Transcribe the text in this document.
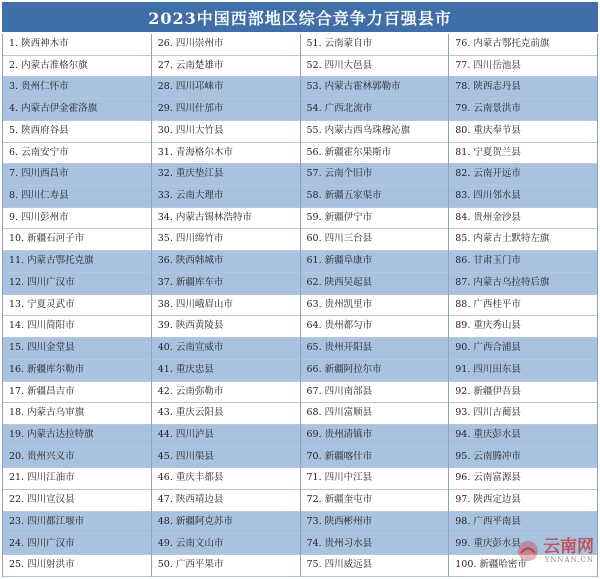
2023中国西部地区综合竞争力百强县市
1. 陕西神木市
2. 内蒙古准格尔旗
3. 贵州仁怀市
4. 内蒙古伊金霍洛旗
5. 陕西府谷县
6. 云南安宁市
7. 四川西昌市
8. 四川仁寿县
9. 四川彭州市
10. 新疆石河子市
11. 内蒙古鄂托克旗
12. 四川广汉市
13. 宁夏灵武市
14. 四川简阳市
15. 四川金堂县
16. 新疆库尔勒市
17. 新疆昌吉市
18. 内蒙古乌审旗
19. 内蒙古达拉特旗
20. 贵州兴义市
21. 四川江油市
22. 四川宣汉县
23. 四川都江堰市
24. 四川广汉市
25. 四川射洪市
26. 四川崇州市
27. 云南楚雄市
28. 四川邛崃市
29. 四川什邡市
30. 四川大竹县
31. 青海格尔木市
32. 重庆垫江县
33. 云南大理市
34. 内蒙古锡林浩特市
35. 四川绵竹市
36. 陕西韩城市
37. 新疆库车市
38. 四川峨眉山市
39. 陕西黄陵县
40. 云南宣威市
41. 重庆忠县
42. 云南弥勒市
43. 重庆云阳县
44. 四川泸县
45. 四川渠县
46. 重庆丰都县
47. 陕西靖边县
48. 新疆阿克苏市
49. 云南文山市
50. 广西平果市
51. 云南蒙自市
52. 四川大邑县
53. 内蒙古霍林郭勒市
54. 广西北流市
55. 内蒙古西乌珠穆沁旗
56. 新疆霍尔果斯市
57. 云南个旧市
58. 新疆五家渠市
59. 新疆伊宁市
60. 四川三台县
61. 新疆阜康市
62. 陕西吴起县
63. 贵州凯里市
64. 贵州都匀市
65. 贵州开阳县
66. 新疆阿拉尔市
67. 四川南部县
68. 四川富顺县
69. 贵州清镇市
70. 新疆喀什市
71. 四川中江县
72. 新疆奎屯市
73. 陕西彬州市
74. 贵州习水县
75. 四川威远县
76. 内蒙古鄂托克前旗
77. 四川岳池县
78. 陕西志丹县
79. 云南景洪市
80. 重庆奉节县
81. 宁夏贺兰县
82. 云南开远市
83. 四川邻水县
84. 贵州金沙县
85. 内蒙古土默特左旗
86. 甘肃玉门市
87. 内蒙古乌拉特后旗
88. 广西桂平市
89. 重庆秀山县
90. 广西合浦县
91. 四川田东县
92. 新疆伊吾县
93. 四川古蔺县
94. 重庆彭水县
95. 云南腾冲市
96. 云南富源县
97. 陕西定边县
98. 广西平南县
99. 重庆彭水县
100. 新疆哈密市
云南网
YNNAN.CN
